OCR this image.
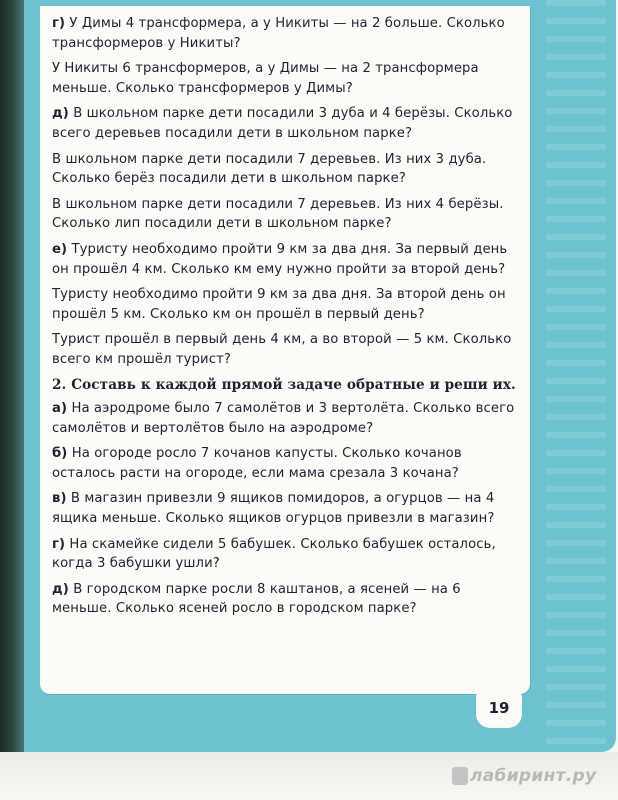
г) У Димы 4 трансформера, а у Никиты — на 2 больше. Сколько трансформеров у Никиты?

У Никиты 6 трансформеров, а у Димы — на 2 трансформера меньше. Сколько трансформеров у Димы?

д) В школьном парке дети посадили 3 дуба и 4 берёзы. Сколько всего деревьев посадили дети в школьном парке?

В школьном парке дети посадили 7 деревьев. Из них 3 дуба. Сколько берёз посадили дети в школьном парке?

В школьном парке дети посадили 7 деревьев. Из них 4 берёзы. Сколько лип посадили дети в школьном парке?

е) Туристу необходимо пройти 9 км за два дня. За первый день он прошёл 4 км. Сколько км ему нужно пройти за второй день?

Туристу необходимо пройти 9 км за два дня. За второй день он прошёл 5 км. Сколько км он прошёл в первый день?

Турист прошёл в первый день 4 км, а во второй — 5 км. Сколько всего км прошёл турист?

2. Составь к каждой прямой задаче обратные и реши их.

а) На аэродроме было 7 самолётов и 3 вертолёта. Сколько всего самолётов и вертолётов было на аэродроме?

б) На огороде росло 7 кочанов капусты. Сколько кочанов осталось расти на огороде, если мама срезала 3 кочана?

в) В магазин привезли 9 ящиков помидоров, а огурцов — на 4 ящика меньше. Сколько ящиков огурцов привезли в магазин?

г) На скамейке сидели 5 бабушек. Сколько бабушек осталось, когда 3 бабушки ушли?

д) В городском парке росли 8 каштанов, а ясеней — на 6 меньше. Сколько ясеней росло в городском парке?

19
лабиринт.ру
